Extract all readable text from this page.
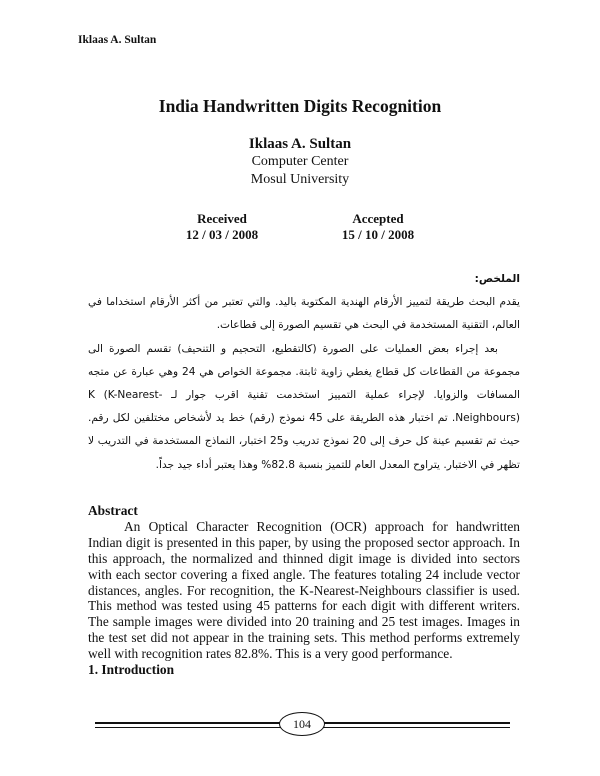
Iklaas A. Sultan
India Handwritten Digits Recognition
Iklaas A. Sultan
Computer Center
Mosul University
Received
12 / 03 / 2008
Accepted
15 / 10 / 2008
الملخص:

يقدم البحث طريقة لتمييز الأرقام الهندية المكتوبة باليد. والتي تعتبر من أكثر الأرقام استخداما في العالم، التقنية المستخدمة في البحث هي تقسيم الصورة إلى قطاعات.

بعد إجراء بعض العمليات على الصورة (كالتقطيع، التحجيم و التنحيف) تقسم الصورة الى مجموعة من القطاعات كل قطاع يغطي زاوية ثابتة. مجموعة الخواص هي 24 وهي عبارة عن متجه المسافات والزوايا. لإجراء عملية التمييز استخدمت تقنية اقرب جوار لـ K (K-Nearest-Neighbours). تم اختبار هذه الطريقة على 45 نموذج (رقم) خط يد لأشخاص مختلفين لكل رقم. حيث تم تقسيم عينة كل حرف إلى 20 نموذج تدريب و25 اختبار، النماذج المستخدمة في التدريب لا تظهر في الاختبار. يتراوح المعدل العام للتميز بنسبة 82.8% وهذا يعتبر أداء جيد جداً.

Abstract
An Optical Character Recognition (OCR) approach for handwritten Indian digit is presented in this paper, by using the proposed sector approach. In this approach, the normalized and thinned digit image is divided into sectors with each sector covering a fixed angle. The features totaling 24 include vector distances, angles. For recognition, the K-Nearest-Neighbours classifier is used. This method was tested using 45 patterns for each digit with different writers. The sample images were divided into 20 training and 25 test images. Images in the test set did not appear in the training sets. This method performs extremely well with recognition rates 82.8%. This is a very good performance.
1. Introduction
104
